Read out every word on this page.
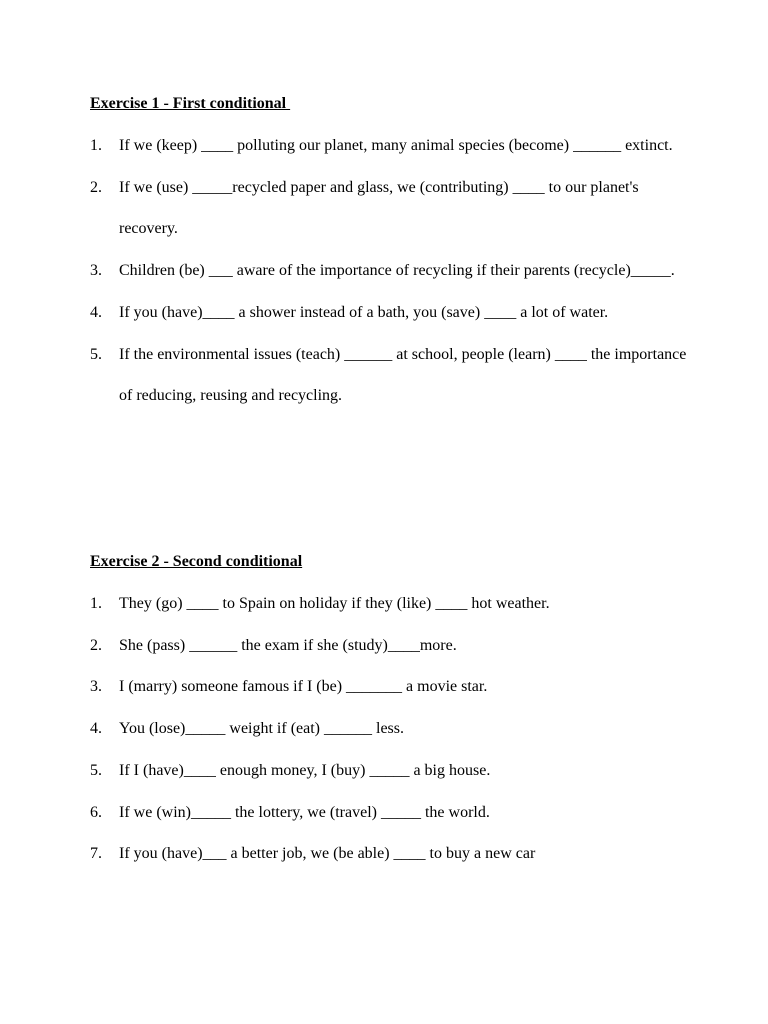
Exercise 1 - First conditional

1. If we (keep) ____ polluting our planet, many animal species (become) ______ extinct.
2. If we (use) _____recycled paper and glass, we (contributing) ____ to our planet's recovery.
3. Children (be) ___ aware of the importance of recycling if their parents (recycle)_____.
4. If you (have)____ a shower instead of a bath, you (save) ____ a lot of water.
5. If the environmental issues (teach) ______ at school, people (learn) ____ the importance of reducing, reusing and recycling.

Exercise 2 - Second conditional

1. They (go) ____ to Spain on holiday if they (like) ____ hot weather.
2. She (pass) ______ the exam if she (study)____more.
3. I (marry) someone famous if I (be) _______ a movie star.
4. You (lose)_____ weight if (eat) ______ less.
5. If I (have)____ enough money, I (buy) _____ a big house.
6. If we (win)_____ the lottery, we (travel) _____ the world.
7. If you (have)___ a better job, we (be able) ____ to buy a new car
